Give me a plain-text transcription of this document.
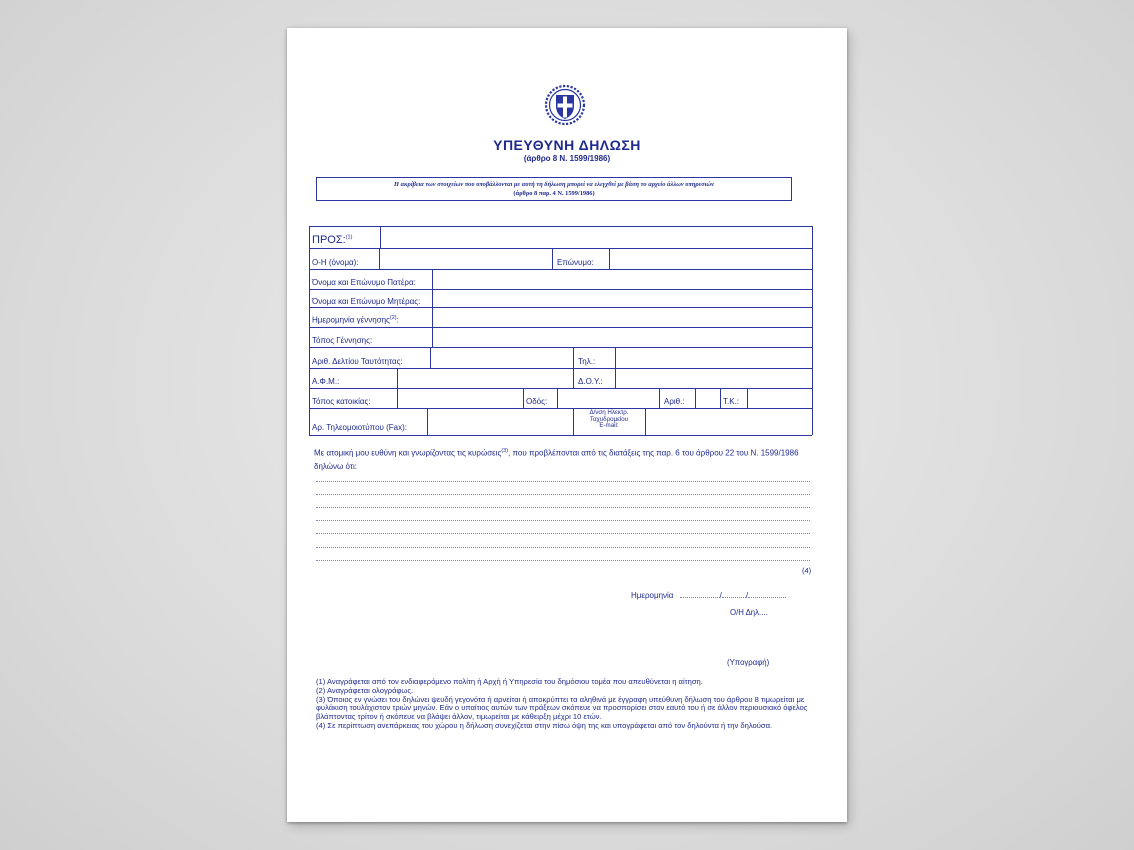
ΥΠΕΥΘΥΝΗ ΔΗΛΩΣΗ
(άρθρο 8 Ν. 1599/1986)
Η ακρίβεια των στοιχείων που υποβάλλονται με αυτή τη δήλωση μπορεί να ελεγχθεί με βάση το αρχείο άλλων υπηρεσιών
(άρθρο 8 παρ. 4 Ν. 1599/1986)
ΠΡΟΣ:$^{(1)}$
Ο-Η (όνομα):	Επώνυμο:
Όνομα και Επώνυμο Πατέρα:
Όνομα και Επώνυμο Μητέρας:
Ημερομηνία γέννησης$^{(2)}$:
Τόπος Γέννησης:
Αριθ. Δελτίου Ταυτότητας:	Τηλ.:
Α.Φ.Μ.:	Δ.Ο.Υ.:
Τόπος κατοικίας:	Οδός:	Αριθ.:	Τ.Κ.:
Αρ. Τηλεομοιοτύπου (Fax):
Δ/νση Ηλεκτρ.
Ταχυδρομείου
E-mail:
Με ατομική μου ευθύνη και γνωρίζοντας τις κυρώσεις$^{(3)}$, που προβλέπονται από τις διατάξεις της παρ. 6 του άρθρου 22 του Ν. 1599/1986 δηλώνω ότι:
(4)
Ημερομηνία	/	/
Ο/Η Δηλ....
(Υπογραφή)

(1) Αναγράφεται από τον ενδιαφερόμενο πολίτη ή Αρχή ή Υπηρεσία του δημόσιου τομέα που απευθύνεται η αίτηση.

(2) Αναγράφεται ολογράφως.

(3) Όποιος εν γνώσει του δηλώνει ψευδή γεγονότα ή αρνείται ή αποκρύπτει τα αληθινά με έγγραφη υπεύθυνη δήλωση του άρθρου 8 τιμωρείται με φυλάκιση τουλάχιστον τριών μηνών. Εάν ο υπαίτιος αυτών των πράξεων σκόπευε να προσπορίσει στον εαυτό του ή σε άλλον περιουσιακό όφελος βλάπτοντας τρίτον ή σκόπευε να βλάψει άλλον, τιμωρείται με κάθειρξη μέχρι 10 ετών.

(4) Σε περίπτωση ανεπάρκειας του χώρου η δήλωση συνεχίζεται στην πίσω όψη της και υπογράφεται από τον δηλούντα ή την δηλούσα.
